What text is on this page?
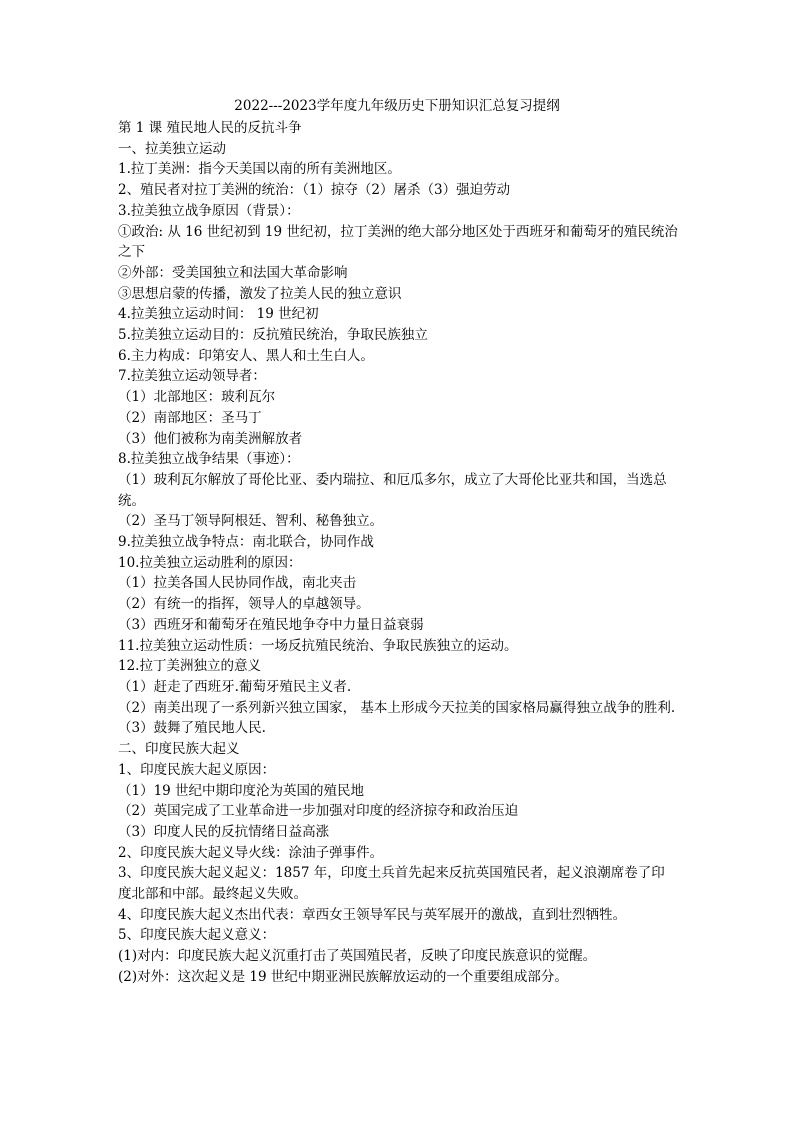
2022---2023学年度九年级历史下册知识汇总复习提纲
第 1 课 殖民地人民的反抗斗争
一、拉美独立运动
1.拉丁美洲：指今天美国以南的所有美洲地区。
2、殖民者对拉丁美洲的统治：（1）掠夺（2）屠杀（3）强迫劳动
3.拉美独立战争原因（背景）：
①政治: 从 16 世纪初到 19 世纪初，拉丁美洲的绝大部分地区处于西班牙和葡萄牙的殖民统治之下
②外部：受美国独立和法国大革命影响
③思想启蒙的传播，激发了拉美人民的独立意识
4.拉美独立运动时间： 19 世纪初
5.拉美独立运动目的：反抗殖民统治，争取民族独立
6.主力构成：印第安人、黑人和土生白人。
7.拉美独立运动领导者：
（1）北部地区：玻利瓦尔
（2）南部地区：圣马丁
（3）他们被称为南美洲解放者
8.拉美独立战争结果（事迹）：
（1）玻利瓦尔解放了哥伦比亚、委内瑞拉、和厄瓜多尔，成立了大哥伦比亚共和国，当选总统。
（2）圣马丁领导阿根廷、智利、秘鲁独立。
9.拉美独立战争特点：南北联合，协同作战
10.拉美独立运动胜利的原因：
（1）拉美各国人民协同作战，南北夹击
（2）有统一的指挥，领导人的卓越领导。
（3）西班牙和葡萄牙在殖民地争夺中力量日益衰弱
11.拉美独立运动性质：一场反抗殖民统治、争取民族独立的运动。
12.拉丁美洲独立的意义
（1）赶走了西班牙.葡萄牙殖民主义者.
（2）南美出现了一系列新兴独立国家， 基本上形成今天拉美的国家格局赢得独立战争的胜利.
（3）鼓舞了殖民地人民.
二、印度民族大起义
1、印度民族大起义原因：
（1）19 世纪中期印度沦为英国的殖民地
（2）英国完成了工业革命进一步加强对印度的经济掠夺和政治压迫
（3）印度人民的反抗情绪日益高涨
2、印度民族大起义导火线：涂油子弹事件。
3、印度民族大起义起义：1857 年，印度土兵首先起来反抗英国殖民者，起义浪潮席卷了印度北部和中部。最终起义失败。
4、印度民族大起义杰出代表：章西女王领导军民与英军展开的激战，直到壮烈牺牲。
5、印度民族大起义意义：
(1)对内：印度民族大起义沉重打击了英国殖民者，反映了印度民族意识的觉醒。
(2)对外：这次起义是 19 世纪中期亚洲民族解放运动的一个重要组成部分。
